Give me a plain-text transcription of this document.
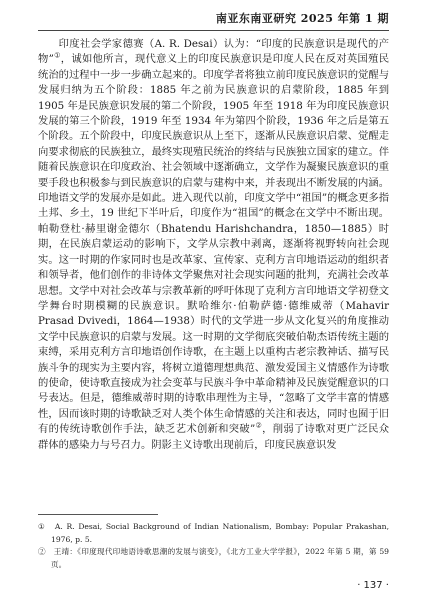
南亚东南亚研究 2025 年第 1 期

印度社会学家德赛（A. R. Desai）认为：“印度的民族意识是现代的产物”①，诚如他所言，现代意义上的印度民族意识是印度人民在反对英国殖民统治的过程中一步一步确立起来的。印度学者将独立前印度民族意识的觉醒与发展归纳为五个阶段：1885 年之前为民族意识的启蒙阶段，1885 年到 1905 年是民族意识发展的第二个阶段，1905 年至 1918 年为印度民族意识发展的第三个阶段，1919 年至 1934 年为第四个阶段，1936 年之后是第五个阶段。五个阶段中，印度民族意识从上至下，逐渐从民族意识启蒙、觉醒走向要求彻底的民族独立，最终实现殖民统治的终结与民族独立国家的建立。伴随着民族意识在印度政治、社会领域中逐渐确立，文学作为凝聚民族意识的重要手段也积极参与到民族意识的启蒙与建构中来，并表现出不断发展的内涵。印地语文学的发展亦是如此。进入现代以前，印度文学中“祖国”的概念更多指土邦、乡土，19 世纪下半叶后，印度作为“祖国”的概念在文学中不断出现。帕勒登杜·赫里谢金德尔（Bhatendu Harishchandra，1850—1885）时期，在民族启蒙运动的影响下，文学从宗教中剥离，逐渐将视野转向社会现实。这一时期的作家同时也是改革家、宣传家、克利方言印地语运动的组织者和领导者，他们创作的非诗体文学聚焦对社会现实问题的批判，充满社会改革思想。文学中对社会改革与宗教革新的呼吁体现了克利方言印地语文学初登文学舞台时期模糊的民族意识。默哈维尔·伯勒萨德·德维威蒂（Mahavir Prasad Dvivedi，1864—1938）时代的文学进一步从文化复兴的角度推动文学中民族意识的启蒙与发展。这一时期的文学彻底突破伯勒杰语传统主题的束缚，采用克利方言印地语创作诗歌，在主题上以重构古老宗教神话、描写民族斗争的现实为主要内容，将树立道德理想典范、激发爱国主义情感作为诗歌的使命，使诗歌直接成为社会变革与民族斗争中革命精神及民族觉醒意识的口号表达。但是，德维威蒂时期的诗歌串理性为主导，“忽略了文学丰富的情感性，因而该时期的诗歌缺乏对人类个体生命情感的关注和表达，同时也囿于旧有的传统诗歌创作手法，缺乏艺术创新和突破”②，削弱了诗歌对更广泛民众群体的感染力与号召力。阴影主义诗歌出现前后，印度民族意识发

①　A. R. Desai, Social Background of Indian Nationalism, Bombay: Popular Prakashan, 1976, p. 5.

②　王靖：《印度现代印地语诗歌思潮的发展与演变》，《北方工业大学学报》，2022 年第 5 期，第 59 页。

· 137 ·
